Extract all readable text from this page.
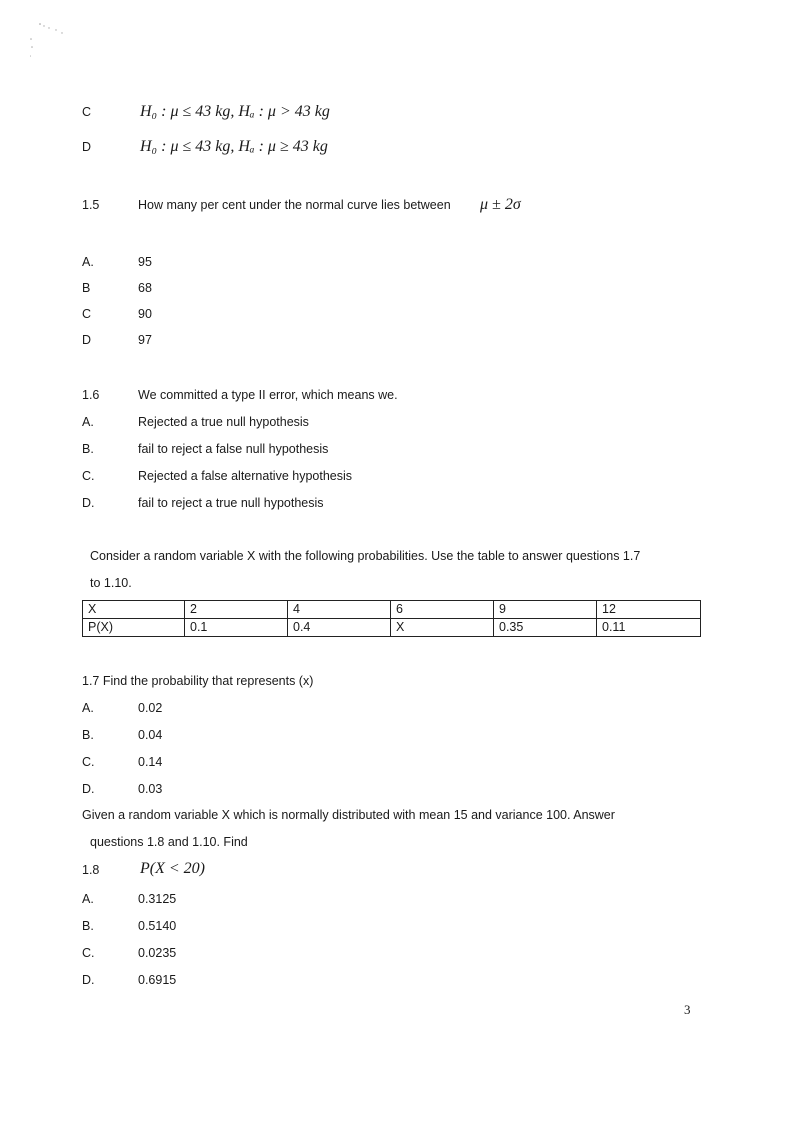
C	H₀ : μ ≤ 43 kg, Hₐ : μ > 43 kg
D	H₀ : μ ≤ 43 kg, Hₐ : μ ≥ 43 kg
1.5	How many per cent under the normal curve lies between μ ± 2σ
A.	95
B	68
C	90
D	97
1.6	We committed a type II error, which means we.
A.	Rejected a true null hypothesis
B.	fail to reject a false null hypothesis
C.	Rejected a false alternative hypothesis
D.	fail to reject a true null hypothesis
Consider a random variable X with the following probabilities. Use the table to answer questions 1.7
to 1.10.
X	2	4	6	9	12
P(X)	0.1	0.4	X	0.35	0.11
1.7 Find the probability that represents (x)
A.	0.02
B.	0.04
C.	0.14
D.	0.03
Given a random variable X which is normally distributed with mean 15 and variance 100. Answer
questions 1.8 and 1.10. Find
1.8	P(X < 20)
A.	0.3125
B.	0.5140
C.	0.0235
D.	0.6915
3
